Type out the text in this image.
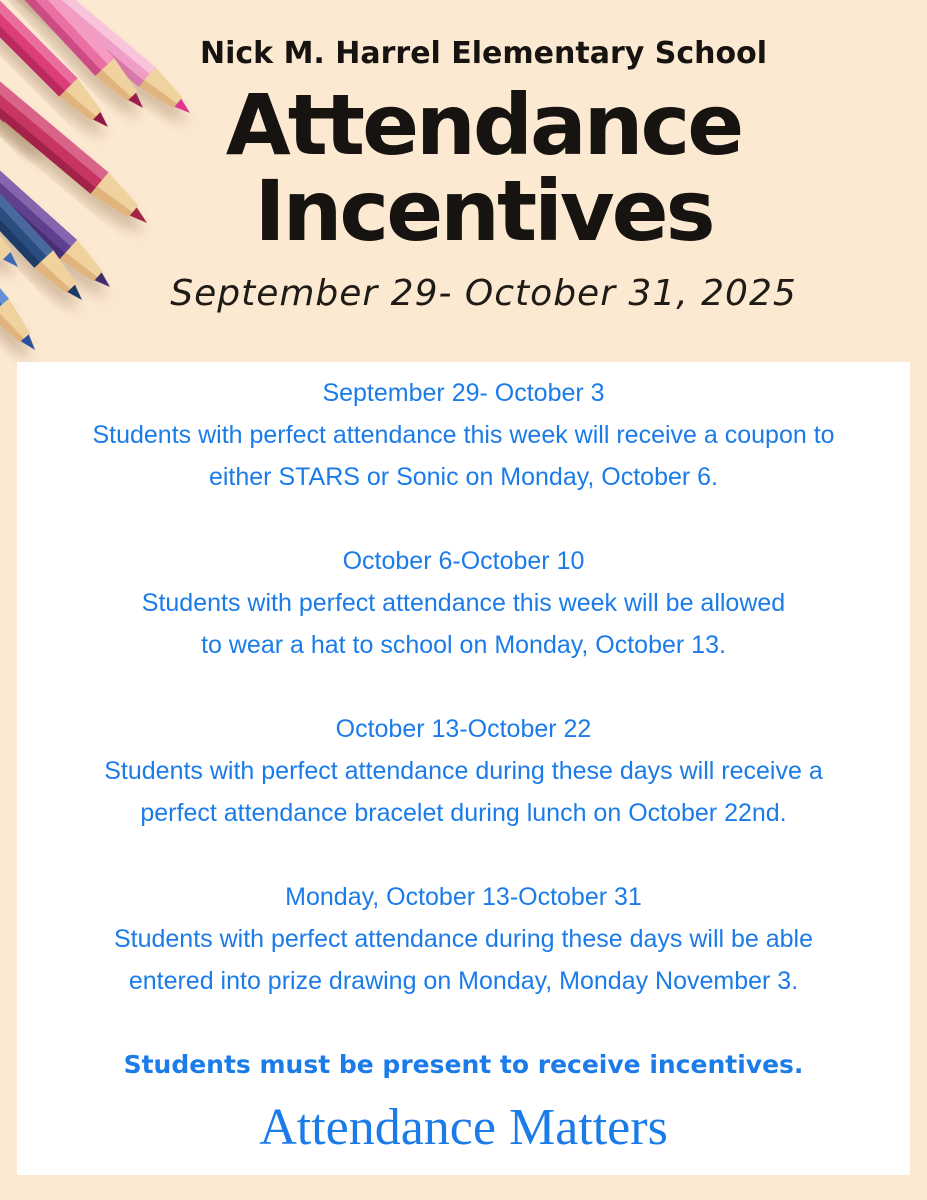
Nick M. Harrel Elementary School
Attendance
Incentives
September 29- October 31, 2025
September 29- October 3
Students with perfect attendance this week will receive a coupon to
either STARS or Sonic on Monday, October 6.
October 6-October 10
Students with perfect attendance this week will be allowed
to wear a hat to school on Monday, October 13.
October 13-October 22
Students with perfect attendance during these days will receive a
perfect attendance bracelet during lunch on October 22nd.
Monday, October 13-October 31
Students with perfect attendance during these days will be able
entered into prize drawing on Monday, Monday November 3.
Students must be present to receive incentives.
Attendance Matters
